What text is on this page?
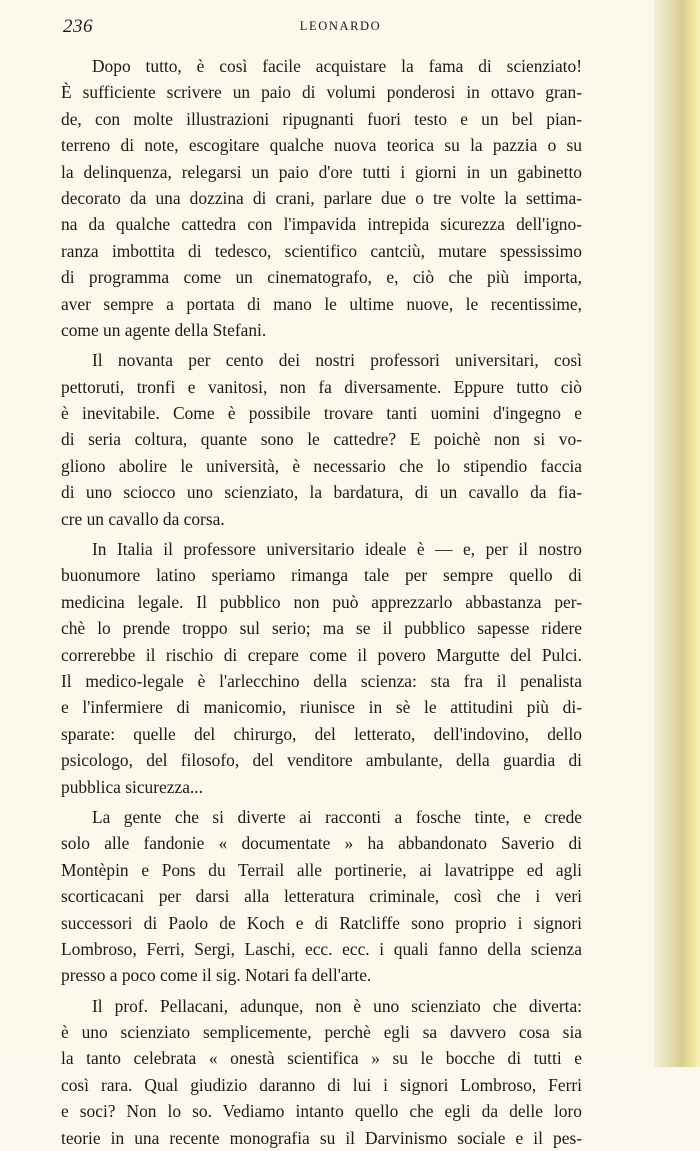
236	LEONARDO
Dopo tutto, è così facile acquistare la fama di scienziato!
È sufficiente scrivere un paio di volumi ponderosi in ottavo gran-
de, con molte illustrazioni ripugnanti fuori testo e un bel pian-
terreno di note, escogitare qualche nuova teorica su la pazzia o su
la delinquenza, relegarsi un paio d'ore tutti i giorni in un gabinetto
decorato da una dozzina di crani, parlare due o tre volte la settima-
na da qualche cattedra con l'impavida intrepida sicurezza dell'igno-
ranza imbottita di tedesco, scientifico cantciù, mutare spessissimo
di programma come un cinematografo, e, ciò che più importa,
aver sempre a portata di mano le ultime nuove, le recentissime,
come un agente della Stefani.
Il novanta per cento dei nostri professori universitari, così
pettoruti, tronfi e vanitosi, non fa diversamente. Eppure tutto ciò
è inevitabile. Come è possibile trovare tanti uomini d'ingegno e
di seria coltura, quante sono le cattedre? E poichè non si vo-
gliono abolire le università, è necessario che lo stipendio faccia
di uno sciocco uno scienziato, la bardatura, di un cavallo da fia-
cre un cavallo da corsa.
In Italia il professore universitario ideale è — e, per il nostro
buonumore latino speriamo rimanga tale per sempre quello di
medicina legale. Il pubblico non può apprezzarlo abbastanza per-
chè lo prende troppo sul serio; ma se il pubblico sapesse ridere
correrebbe il rischio di crepare come il povero Margutte del Pulci.
Il medico-legale è l'arlecchino della scienza: sta fra il penalista
e l'infermiere di manicomio, riunisce in sè le attitudini più di-
sparate: quelle del chirurgo, del letterato, dell'indovino, dello
psicologo, del filosofo, del venditore ambulante, della guardia di
pubblica sicurezza...
La gente che si diverte ai racconti a fosche tinte, e crede
solo alle fandonie « documentate » ha abbandonato Saverio di
Montèpin e Pons du Terrail alle portinerie, ai lavatrippe ed agli
scorticacani per darsi alla letteratura criminale, così che i veri
successori di Paolo de Koch e di Ratcliffe sono proprio i signori
Lombroso, Ferri, Sergi, Laschi, ecc. ecc. i quali fanno della scienza
presso a poco come il sig. Notari fa dell'arte.
Il prof. Pellacani, adunque, non è uno scienziato che diverta:
è uno scienziato semplicemente, perchè egli sa davvero cosa sia
la tanto celebrata « onestà scientifica » su le bocche di tutti e
così rara. Qual giudizio daranno di lui i signori Lombroso, Ferri
e soci? Non lo so. Vediamo intanto quello che egli da delle loro
teorie in una recente monografia su il Darvinismo sociale e il pes-
